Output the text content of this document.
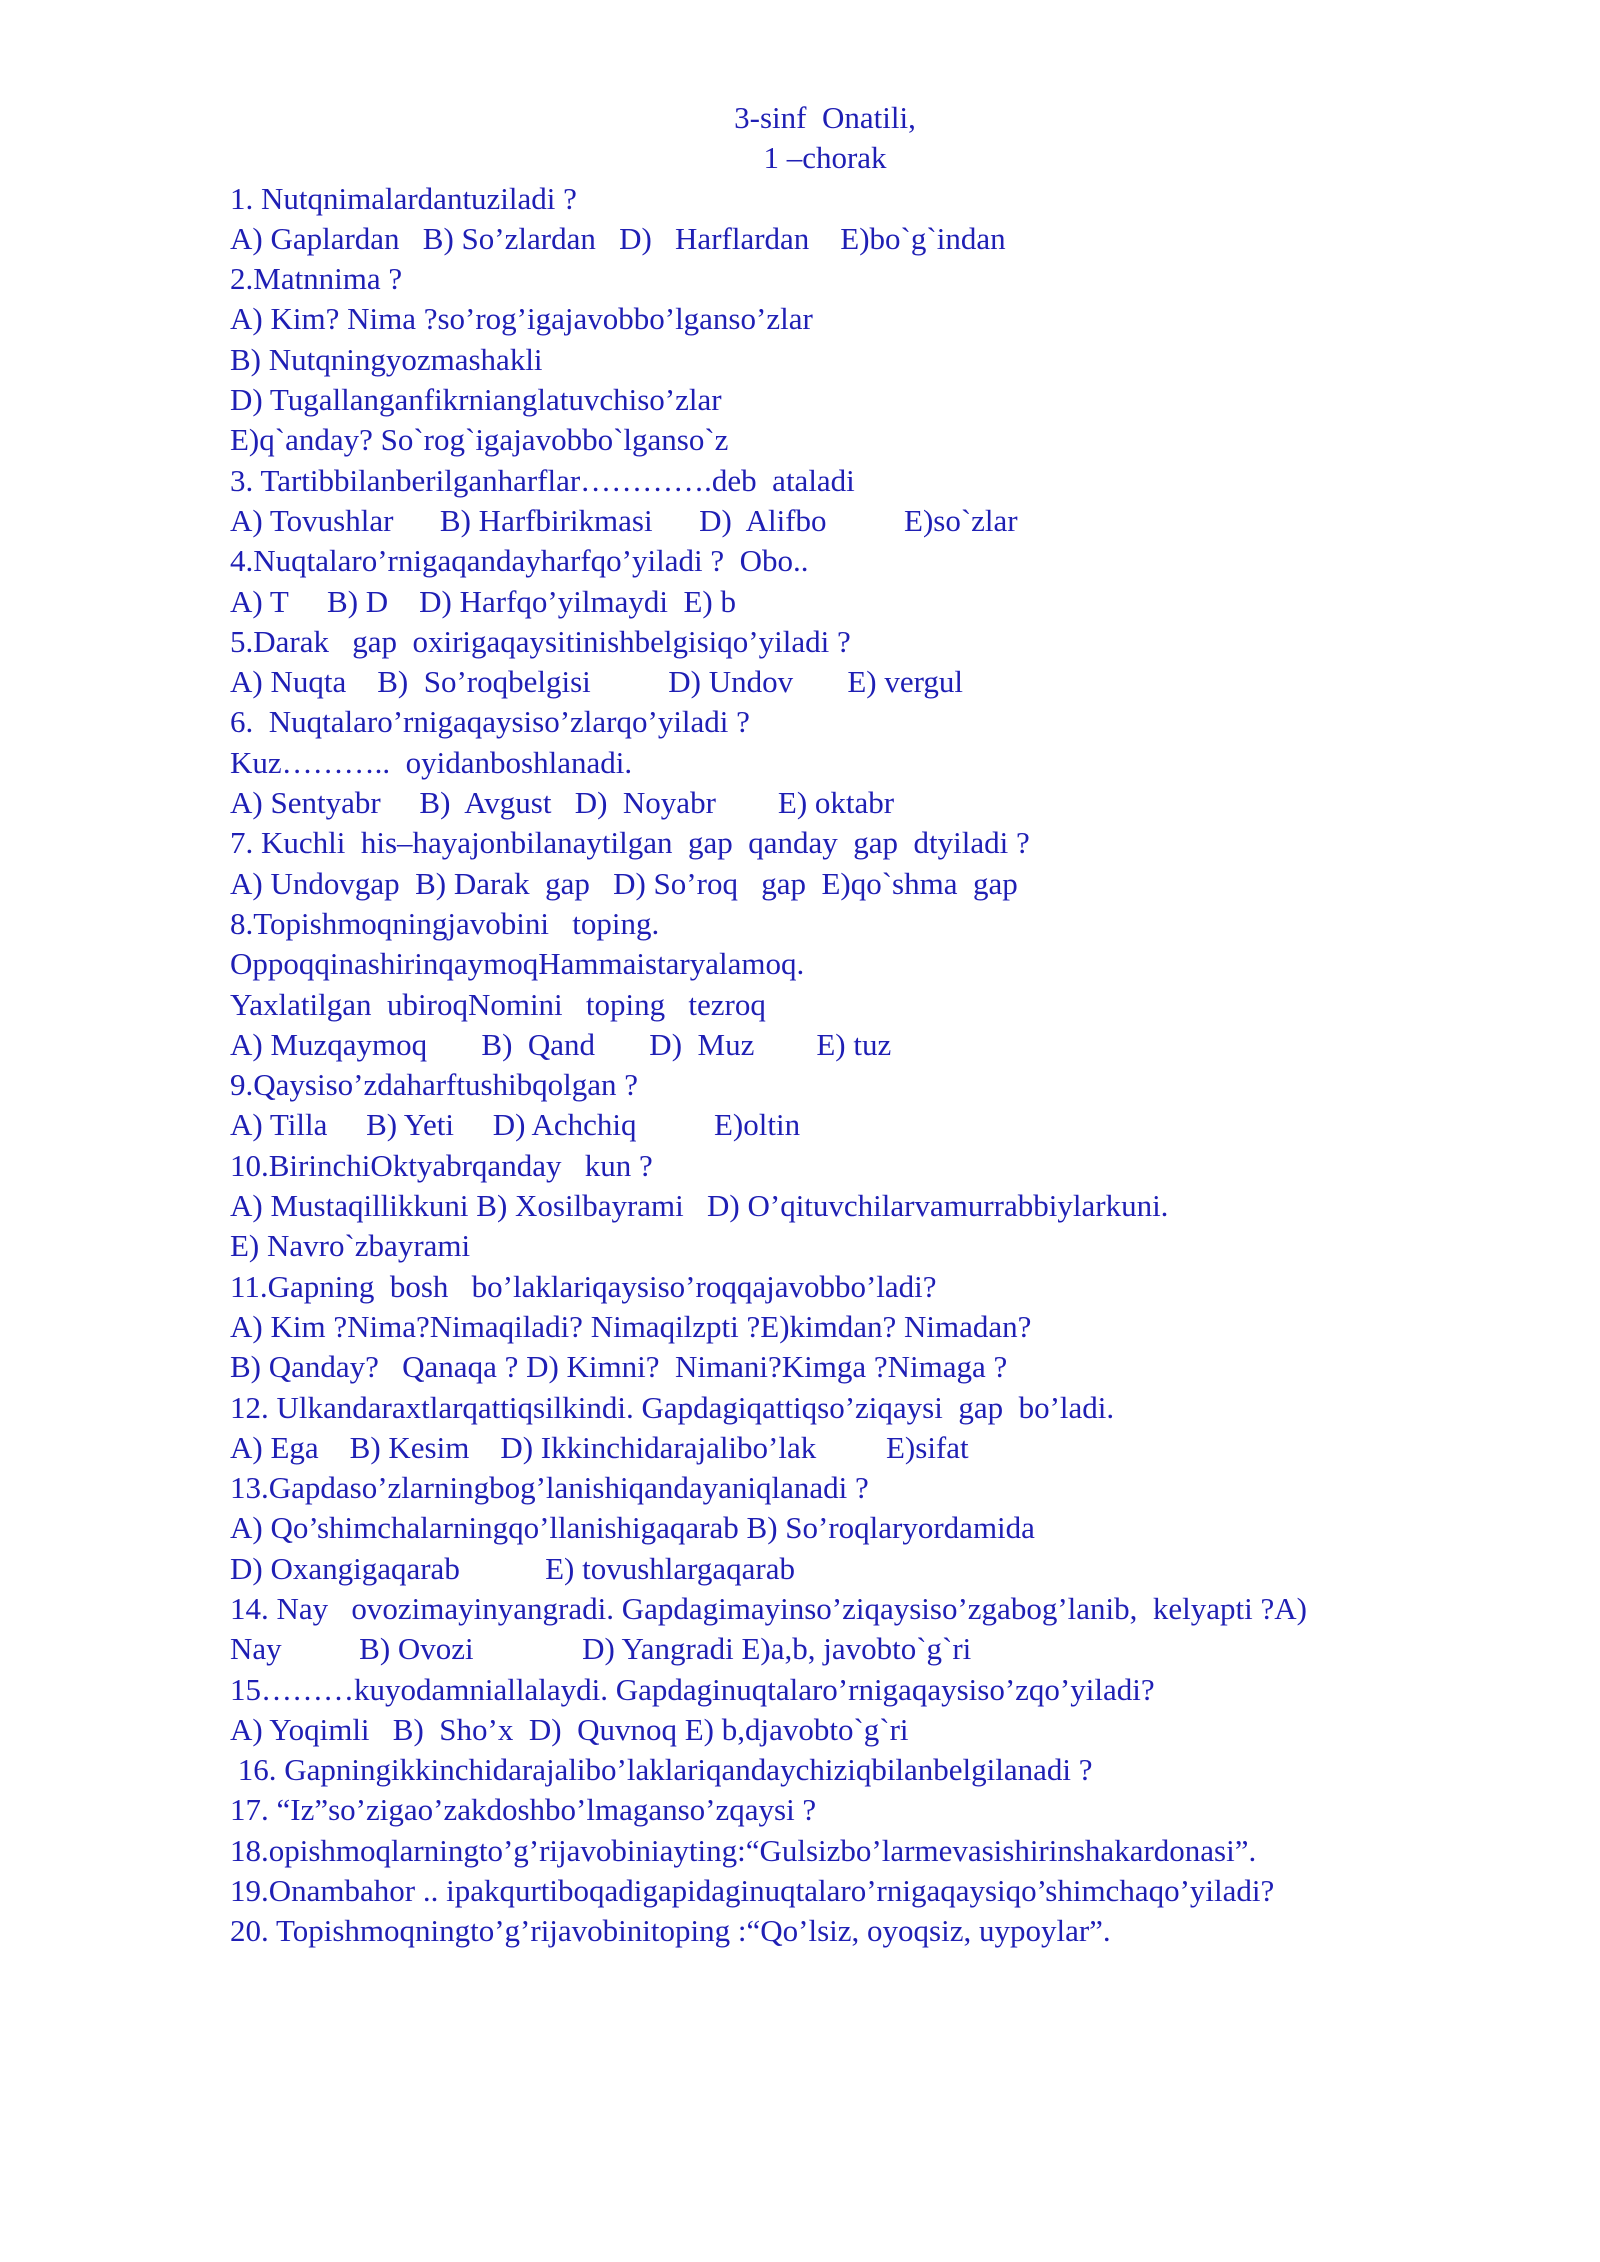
3-sinf  Onatili,
1 –chorak
1. Nutqnimalardantuziladi ?
A) Gaplardan   B) So’zlardan   D)   Harflardan    E)bo`g`indan
2.Matnnima ?
A) Kim? Nima ?so’rog’igajavobbo’lganso’zlar
B) Nutqningyozmashakli
D) Tugallanganfikrnianglatuvchiso’zlar
E)q`anday? So`rog`igajavobbo`lganso`z
3. Tartibbilanberilganharflar………….deb  ataladi
A) Tovushlar      B) Harfbirikmasi      D)  Alifbo          E)so`zlar
4.Nuqtalaro’rnigaqandayharfqo’yiladi ?  Obo..
A) T     B) D    D) Harfqo’yilmaydi  E) b
5.Darak   gap  oxirigaqaysitinishbelgisiqo’yiladi ?
A) Nuqta    B)  So’roqbelgisi          D) Undov       E) vergul
6.  Nuqtalaro’rnigaqaysiso’zlarqo’yiladi ?
Kuz………..  oyidanboshlanadi.
A) Sentyabr     B)  Avgust   D)  Noyabr        E) oktabr
7. Kuchli  his–hayajonbilanaytilgan  gap  qanday  gap  dtyiladi ?
A) Undovgap  B) Darak  gap   D) So’roq   gap  E)qo`shma  gap
8.Topishmoqningjavobini   toping.
OppoqqinashirinqaymoqHammaistaryalamoq.
Yaxlatilgan  ubiroqNomini   toping   tezroq
A) Muzqaymoq       B)  Qand       D)  Muz        E) tuz
9.Qaysiso’zdaharftushibqolgan ?
A) Tilla     B) Yeti     D) Achchiq          E)oltin
10.BirinchiOktyabrqanday   kun ?
A) Mustaqillikkuni B) Xosilbayrami   D) O’qituvchilarvamurrabbiylarkuni.
E) Navro`zbayrami
11.Gapning  bosh   bo’laklariqaysiso’roqqajavobbo’ladi?
A) Kim ?Nima?Nimaqiladi? Nimaqilzpti ?E)kimdan? Nimadan?
B) Qanday?   Qanaqa ? D) Kimni?  Nimani?Kimga ?Nimaga ?
12. Ulkandaraxtlarqattiqsilkindi. Gapdagiqattiqso’ziqaysi  gap  bo’ladi.
A) Ega    B) Kesim    D) Ikkinchidarajalibo’lak         E)sifat
13.Gapdaso’zlarningbog’lanishiqandayaniqlanadi ?
A) Qo’shimchalarningqo’llanishigaqarab B) So’roqlaryordamida
D) Oxangigaqarab           E) tovushlargaqarab
14. Nay   ovozimayinyangradi. Gapdagimayinso’ziqaysiso’zgabog’lanib,  kelyapti ?A)
Nay          B) Ovozi              D) Yangradi E)a,b, javobto`g`ri
15………kuyodamniallalaydi. Gapdaginuqtalaro’rnigaqaysiso’zqo’yiladi?
A) Yoqimli   B)  Sho’x  D)  Quvnoq E) b,djavobto`g`ri
16. Gapningikkinchidarajalibo’laklariqandaychiziqbilanbelgilanadi ?
17. “Iz”so’zigao’zakdoshbo’lmaganso’zqaysi ?
18.opishmoqlarningto’g’rijavobiniayting:“Gulsizbo’larmevasishirinshakardonasi”.
19.Onambahor .. ipakqurtiboqadigapidaginuqtalaro’rnigaqaysiqo’shimchaqo’yiladi?
20. Topishmoqningto’g’rijavobinitoping :“Qo’lsiz, oyoqsiz, uypoylar”.
